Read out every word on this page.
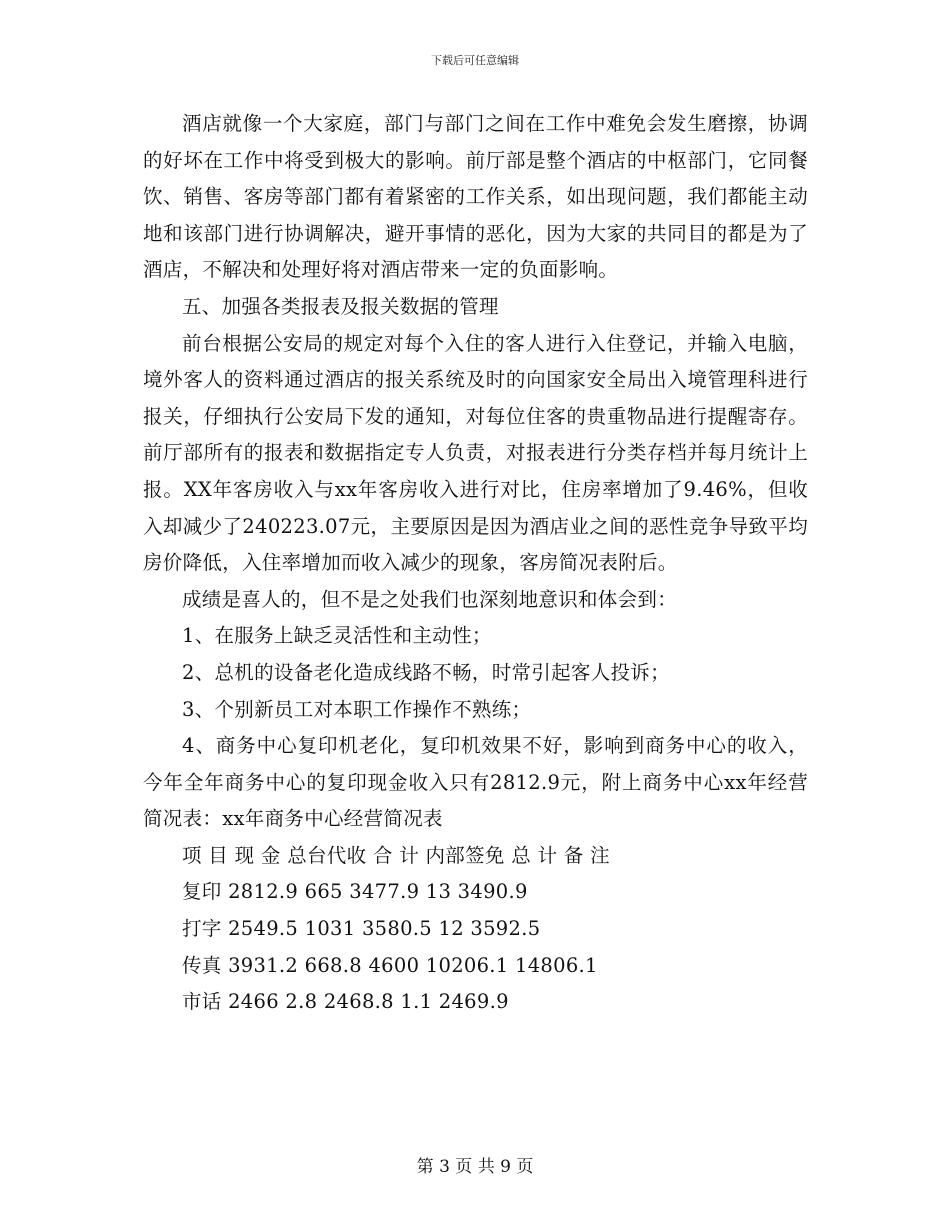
下载后可任意编辑

酒店就像一个大家庭，部门与部门之间在工作中难免会发生磨擦，协调的好坏在工作中将受到极大的影响。前厅部是整个酒店的中枢部门，它同餐饮、销售、客房等部门都有着紧密的工作关系，如出现问题，我们都能主动地和该部门进行协调解决，避开事情的恶化，因为大家的共同目的都是为了酒店，不解决和处理好将对酒店带来一定的负面影响。

五、加强各类报表及报关数据的管理

前台根据公安局的规定对每个入住的客人进行入住登记，并输入电脑，境外客人的资料通过酒店的报关系统及时的向国家安全局出入境管理科进行报关，仔细执行公安局下发的通知，对每位住客的贵重物品进行提醒寄存。前厅部所有的报表和数据指定专人负责，对报表进行分类存档并每月统计上报。XX年客房收入与xx年客房收入进行对比，住房率增加了9.46%，但收入却减少了240223.07元，主要原因是因为酒店业之间的恶性竞争导致平均房价降低，入住率增加而收入减少的现象，客房简况表附后。

成绩是喜人的，但不是之处我们也深刻地意识和体会到：

1、在服务上缺乏灵活性和主动性；

2、总机的设备老化造成线路不畅，时常引起客人投诉；

3、个别新员工对本职工作操作不熟练；

4、商务中心复印机老化，复印机效果不好，影响到商务中心的收入，今年全年商务中心的复印现金收入只有2812.9元，附上商务中心xx年经营简况表：xx年商务中心经营简况表

项 目 现 金 总台代收 合 计 内部签免 总 计 备 注

复印 2812.9 665 3477.9 13 3490.9

打字 2549.5 1031 3580.5 12 3592.5

传真 3931.2 668.8 4600 10206.1 14806.1

市话 2466 2.8 2468.8 1.1 2469.9

第 3 页 共 9 页
